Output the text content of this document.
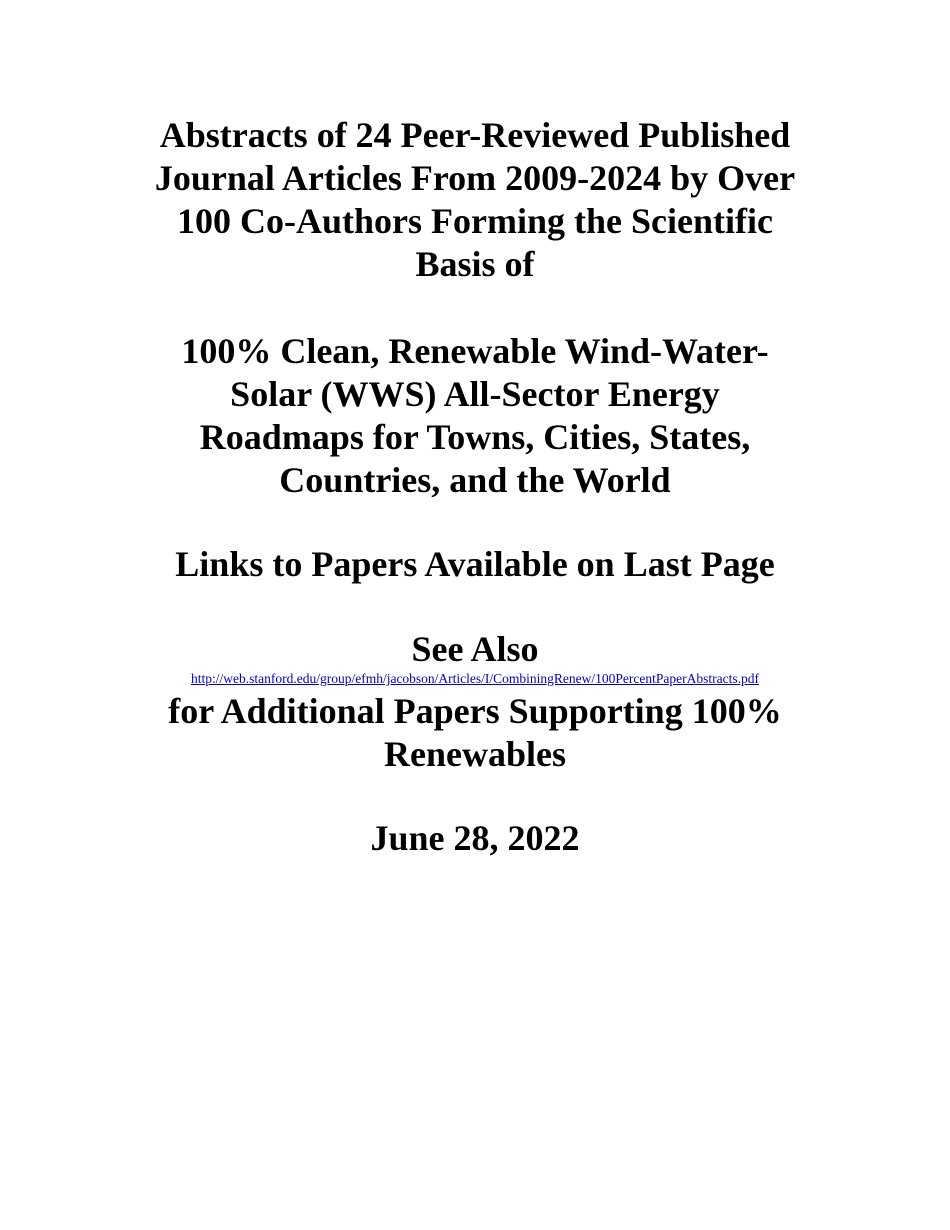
Abstracts of 24 Peer-Reviewed Published
Journal Articles From 2009-2024 by Over
100 Co-Authors Forming the Scientific
Basis of
100% Clean, Renewable Wind-Water-
Solar (WWS) All-Sector Energy
Roadmaps for Towns, Cities, States,
Countries, and the World
Links to Papers Available on Last Page
See Also
http://web.stanford.edu/group/efmh/jacobson/Articles/I/CombiningRenew/100PercentPaperAbstracts.pdf
for Additional Papers Supporting 100%
Renewables
June 28, 2022
